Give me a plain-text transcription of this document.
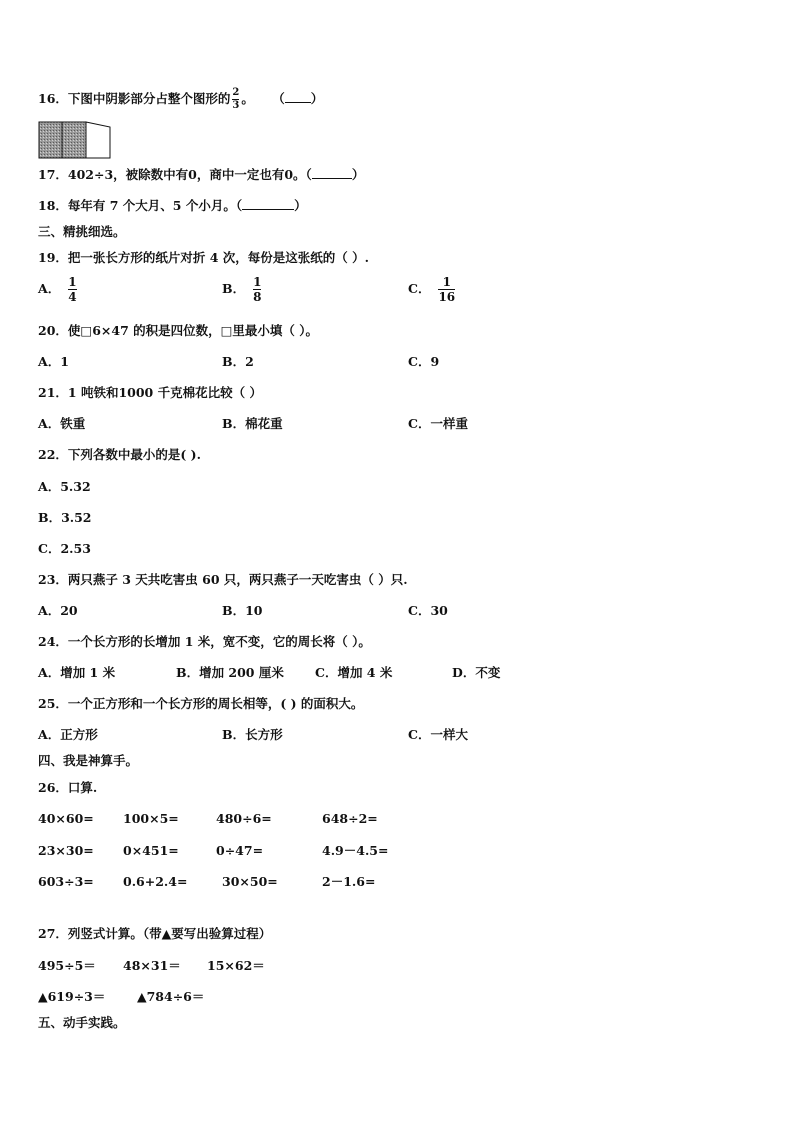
16．下图中阴影部分占整个图形的 $\frac{2}{3}$ 。 （ ）
17．402÷3，被除数中有0，商中一定也有0。（	）
18．每年有 7 个大月、5 个小月。（	）
三、精挑细选。
19．把一张长方形的纸片对折 4 次，每份是这张纸的（ ）.
A． $\frac{1}{4}$	B． $\frac{1}{8}$	C． $\frac{1}{16}$
20．使□6×47 的积是四位数，□里最小填（ ）。
A．1	B．2	C．9
21．1 吨铁和1000 千克棉花比较（ ）
A．铁重	B．棉花重	C．一样重
22．下列各数中最小的是( ).
A．5.32
B．3.52
C．2.53
23．两只燕子 3 天共吃害虫 60 只，两只燕子一天吃害虫（ ）只.
A．20	B．10	C．30
24．一个长方形的长增加 1 米，宽不变，它的周长将（ ）。
A．增加 1 米	B．增加 200 厘米 C．增加 4 米	D．不变
25．一个正方形和一个长方形的周长相等，( ) 的面积大。
A．正方形	B．长方形	C．一样大
四、我是神算手。
26．口算.
40×60= 100×5=	480÷6=	648÷2=
23×30= 0×451=	0÷47=	4.9－4.5=
603÷3= 0.6+2.4=	30×50=	2－1.6=
27．列竖式计算。（带▲要写出验算过程）
495÷5＝ 48×31＝ 15×62＝
▲619÷3＝	▲784÷6＝
五、动手实践。
